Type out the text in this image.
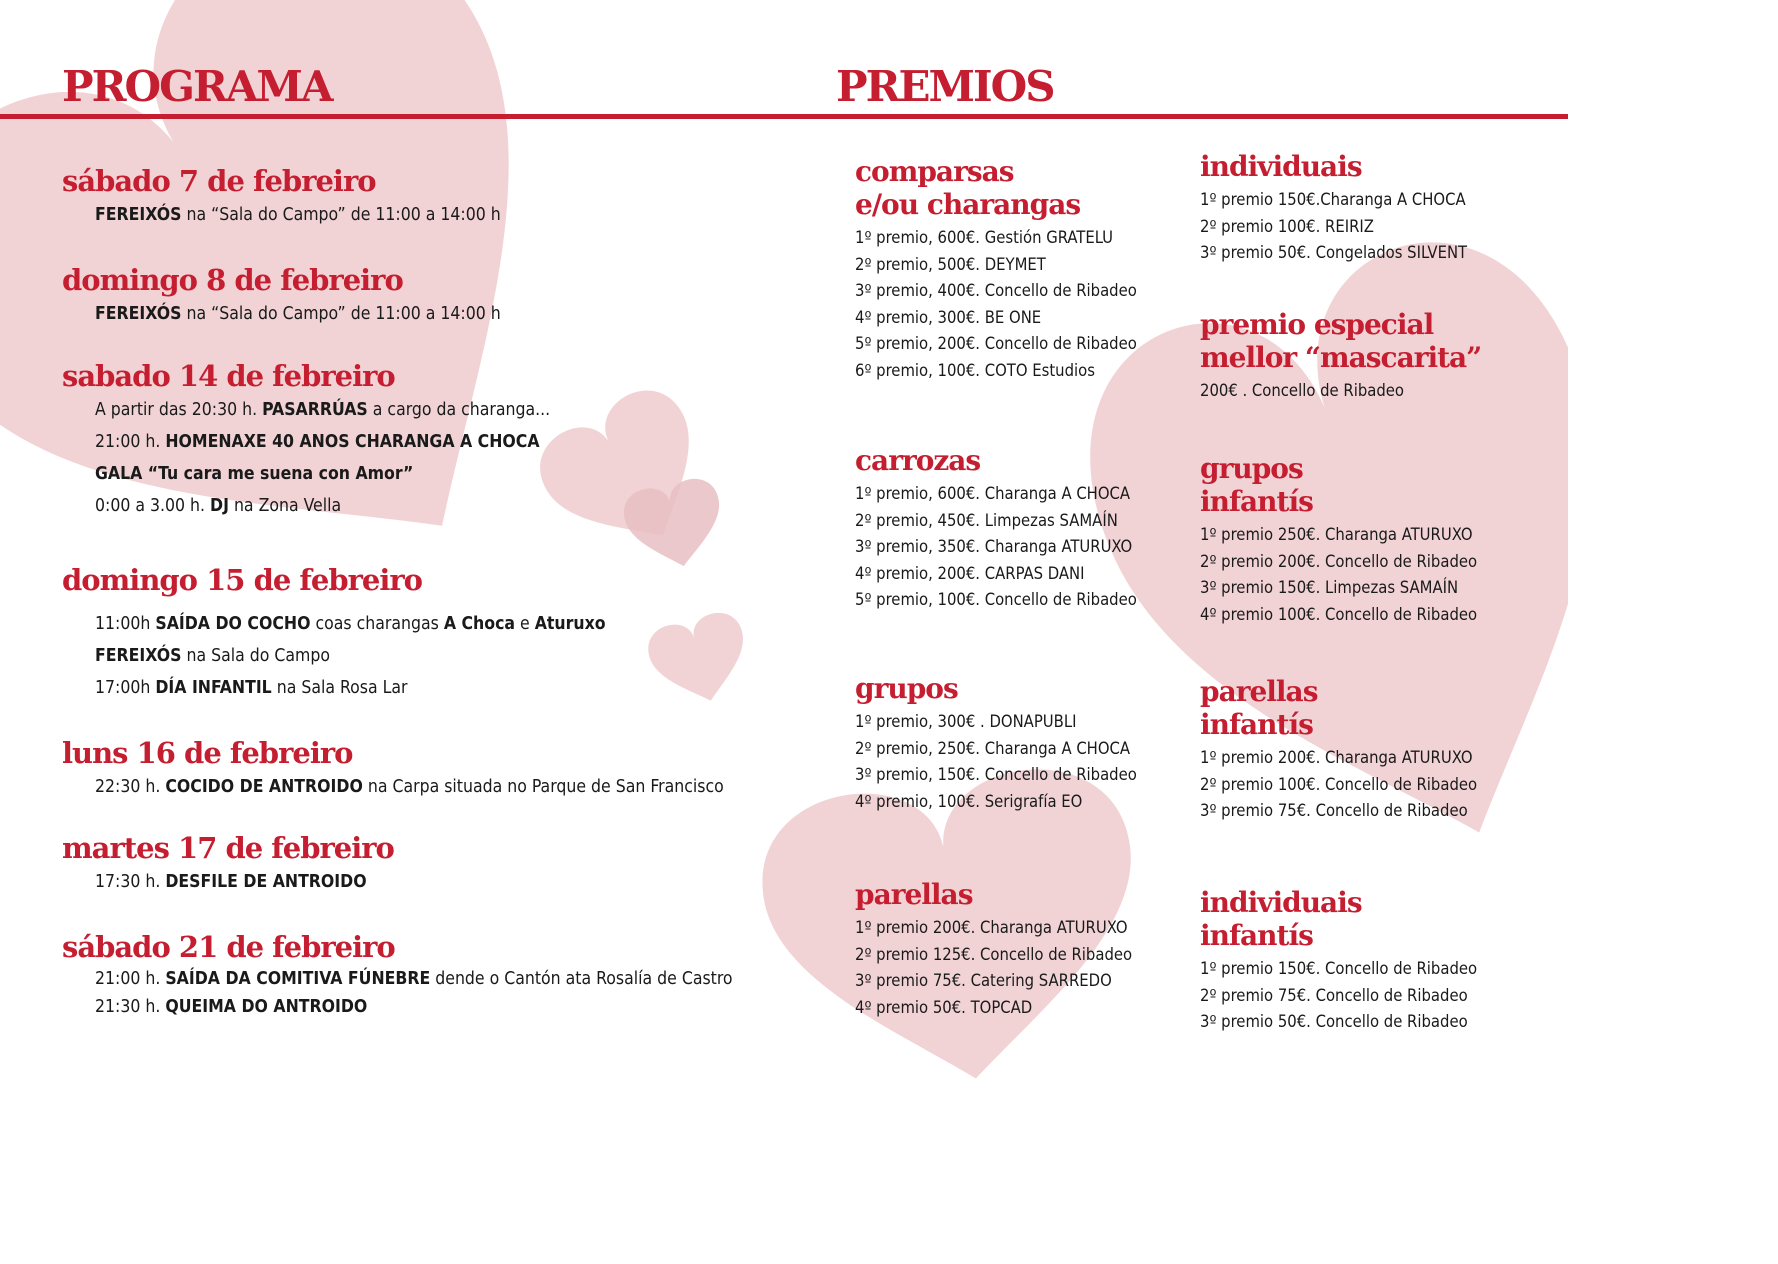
PROGRAMA	PREMIOS
sábado 7 de febreiro
FEREIXÓS na “Sala do Campo” de 11:00 a 14:00 h
domingo 8 de febreiro
FEREIXÓS na “Sala do Campo” de 11:00 a 14:00 h
sabado 14 de febreiro
A partir das 20:30 h. PASARRÚAS a cargo da charanga...
21:00 h. HOMENAXE 40 ANOS CHARANGA A CHOCA
GALA “Tu cara me suena con Amor”
0:00 a 3.00 h. DJ na Zona Vella
domingo 15 de febreiro
11:00h SAÍDA DO COCHO coas charangas A Choca e Aturuxo
FEREIXÓS na Sala do Campo
17:00h DÍA INFANTIL na Sala Rosa Lar
luns 16 de febreiro
22:30 h. COCIDO DE ANTROIDO na Carpa situada no Parque de San Francisco
martes 17 de febreiro
17:30 h. DESFILE DE ANTROIDO
sábado 21 de febreiro
21:00 h. SAÍDA DA COMITIVA FÚNEBRE dende o Cantón ata Rosalía de Castro
21:30 h. QUEIMA DO ANTROIDO
comparsas
e/ou charangas
1º premio, 600€. Gestión GRATELU
2º premio, 500€. DEYMET
3º premio, 400€. Concello de Ribadeo
4º premio, 300€. BE ONE
5º premio, 200€. Concello de Ribadeo
6º premio, 100€. COTO Estudios
carrozas
1º premio, 600€. Charanga A CHOCA
2º premio, 450€. Limpezas SAMAÍN
3º premio, 350€. Charanga ATURUXO
4º premio, 200€. CARPAS DANI
5º premio, 100€. Concello de Ribadeo
grupos
1º premio, 300€ . DONAPUBLI
2º premio, 250€. Charanga A CHOCA
3º premio, 150€. Concello de Ribadeo
4º premio, 100€. Serigrafía EO
parellas
1º premio 200€. Charanga ATURUXO
2º premio 125€. Concello de Ribadeo
3º premio 75€. Catering SARREDO
4º premio 50€. TOPCAD
individuais
1º premio 150€.Charanga A CHOCA
2º premio 100€. REIRIZ
3º premio 50€. Congelados SILVENT
premio especial
mellor “mascarita”
200€ . Concello de Ribadeo
grupos
infantís
1º premio 250€. Charanga ATURUXO
2º premio 200€. Concello de Ribadeo
3º premio 150€. Limpezas SAMAÍN
4º premio 100€. Concello de Ribadeo
parellas
infantís
1º premio 200€. Charanga ATURUXO
2º premio 100€. Concello de Ribadeo
3º premio 75€. Concello de Ribadeo
individuais
infantís
1º premio 150€. Concello de Ribadeo
2º premio 75€. Concello de Ribadeo
3º premio 50€. Concello de Ribadeo
